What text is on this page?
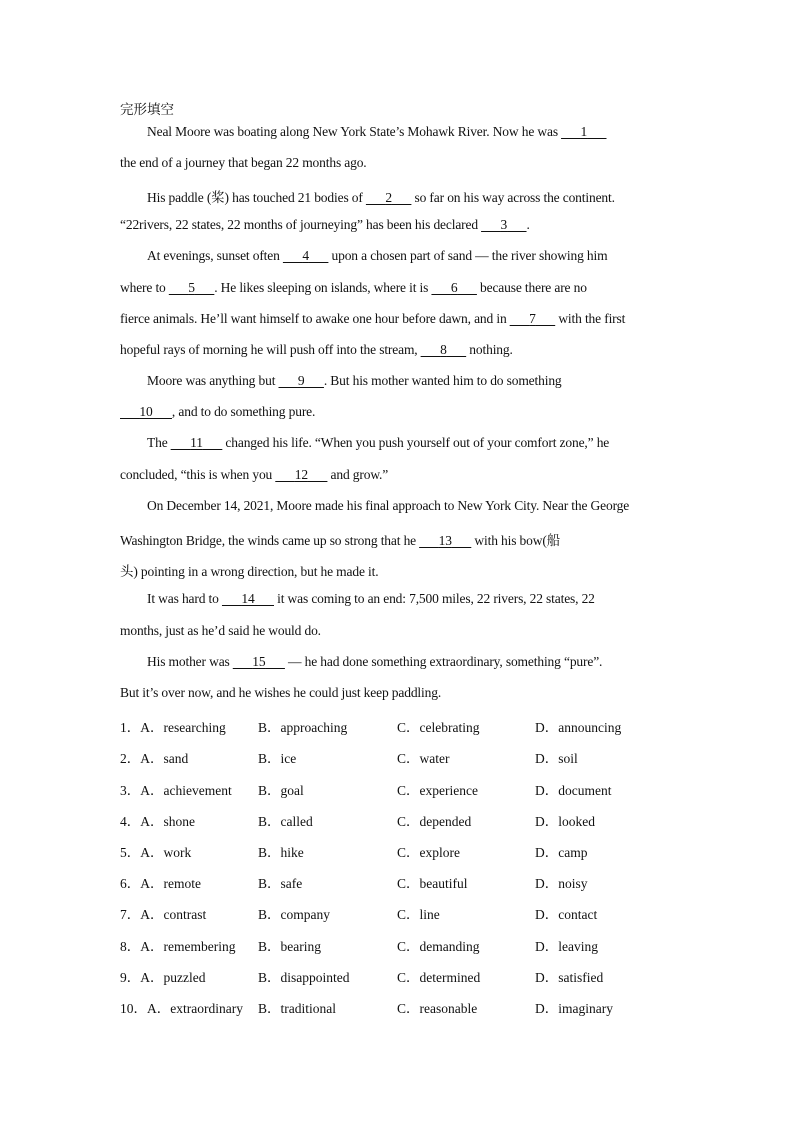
完形填空
Neal Moore was boating along New York State’s Mohawk River. Now he was 1
the end of a journey that began 22 months ago.
His paddle (桨) has touched 21 bodies of 2 so far on his way across the continent.
“22rivers, 22 states, 22 months of journeying” has been his declared 3 .
At evenings, sunset often 4 upon a chosen part of sand — the river showing him
where to 5 . He likes sleeping on islands, where it is 6 because there are no
fierce animals. He’ll want himself to awake one hour before dawn, and in 7 with the first
hopeful rays of morning he will push off into the stream, 8 nothing.
Moore was anything but 9 . But his mother wanted him to do something
10 , and to do something pure.
The 11 changed his life. “When you push yourself out of your comfort zone,” he
concluded, “this is when you 12 and grow.”
On December 14, 2021, Moore made his final approach to New York City. Near the George
Washington Bridge, the winds came up so strong that he 13 with his bow(船
头) pointing in a wrong direction, but he made it.
It was hard to 14 it was coming to an end: 7,500 miles, 22 rivers, 22 states, 22
months, just as he’d said he would do.
His mother was 15 — he had done something extraordinary, something “pure”.
But it’s over now, and he wishes he could just keep paddling.
1．A．researching B．approaching	C．celebrating	D．announcing
2．A．sand	B．ice	C．water	D．soil
3．A．achievement B．goal	C．experience	D．document
4．A．shone	B．called	C．depended	D．looked
5．A．work	B．hike	C．explore	D．camp
6．A．remote	B．safe	C．beautiful	D．noisy
7．A．contrast	B．company	C．line	D．contact
8．A．remembering B．bearing	C．demanding	D．leaving
9．A．puzzled	B．disappointed	C．determined	D．satisfied
10．A．extraordinary B．traditional	C．reasonable	D．imaginary
